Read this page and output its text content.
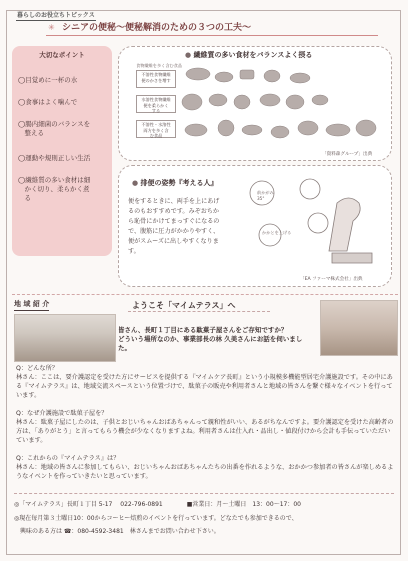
暮らしのお役立ちトピックス
✳ シニアの便秘〜便秘解消のための３つの工夫〜
大切なポイント
◯目覚めに一杯の水
◯食事はよく噛んで
◯腸内細菌のバランスを
　整える
◯運動や規則正しい生活
◯繊維質の多い食材は細
　かく切り、柔らかく煮
　る
● 繊維質の多い食材をバランスよく摂る
食物繊維を多く含む食品
不溶性食物繊維
便のかさを増す
水溶性食物繊維
便を柔らかく
する
不溶性・水溶性
両方を多く含
む食品
「資料森グループ」出典
● 排便の姿勢『考える人』
便をするときに、両手を上にあげるのもおすすめです。みぞおちから恥骨にかけてまっすぐになるので、腹筋に圧力がかかりやすく、便がスムーズに出しやすくなります。
前かがみ
35°
かかとを上げる
「EA ファーマ株式会社」出典
地 域 紹 介	ようこそ「マイムテラス」へ
皆さん、長町１丁目にある駄菓子屋さんをご存知ですか？
どういう場所なのか、事業部長の林 久美さんにお話を伺いました。
Q：どんな所？
林さん：ここは、要介護認定を受けた方にサービスを提供する『マイムケア長町』という小規模多機能型居宅介護施設です。その中にある『マイムテラス』は、地域交流スペースという位置づけで、駄菓子の販売や利用者さんと地域の皆さんを繋ぐ様々なイベントを行っています。
Q：なぜ介護施設で駄菓子屋を？
林さん：駄菓子屋にしたのは、子供とおじいちゃんおばあちゃんって親和性がいい、あるがちなんですよ。要介護認定を受けた高齢者の方は、「ありがとう」と言ってもらう機会が少なくなりますよね。利用者さんは仕入れ・品出し・値段付けから会計も手伝っていただいています。
Q：これからの『マイムテラス』は？
林さん：地域の皆さんに参加してもらい、おじいちゃんおばあちゃんたちの出番を作れるような、おかかつ参加者の皆さんが楽しめるようなイベントを作っていきたいと思っています。
◎「マイムテラス」長町１丁目 5-17 　022-796-0891　　　　■営業日：月〜土曜日　13：00〜17：00
◎現在毎月第３土曜日10：00からコーヒー焙煎のイベントを行っています。どなたでも参加できるので、
　興味のある方は ☎：080-4592-3481　林さんまでお問い合わせ下さい。
